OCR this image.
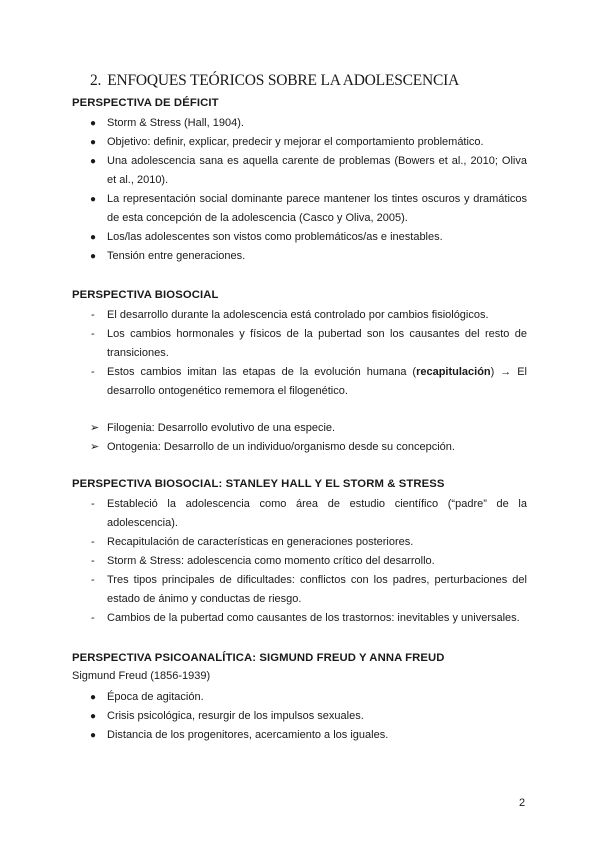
2. ENFOQUES TEÓRICOS SOBRE LA ADOLESCENCIA
PERSPECTIVA DE DÉFICIT
● Storm & Stress (Hall, 1904).
● Objetivo: definir, explicar, predecir y mejorar el comportamiento problemático.
● Una adolescencia sana es aquella carente de problemas (Bowers et al., 2010; Oliva et al., 2010).
● La representación social dominante parece mantener los tintes oscuros y dramáticos de esta concepción de la adolescencia (Casco y Oliva, 2005).
● Los/las adolescentes son vistos como problemáticos/as e inestables.
● Tensión entre generaciones.
PERSPECTIVA BIOSOCIAL
-	El desarrollo durante la adolescencia está controlado por cambios fisiológicos.
-	Los cambios hormonales y físicos de la pubertad son los causantes del resto de transiciones.
-	Estos cambios imitan las etapas de la evolución humana (recapitulación) → El desarrollo ontogenético rememora el filogenético.
➢ Filogenia: Desarrollo evolutivo de una especie.
➢ Ontogenia: Desarrollo de un individuo/organismo desde su concepción.
PERSPECTIVA BIOSOCIAL: STANLEY HALL Y EL STORM & STRESS
-	Estableció la adolescencia como área de estudio científico (“padre” de la adolescencia).
-	Recapitulación de características en generaciones posteriores.
-	Storm & Stress: adolescencia como momento crítico del desarrollo.
-	Tres tipos principales de dificultades: conflictos con los padres, perturbaciones del estado de ánimo y conductas de riesgo.
-	Cambios de la pubertad como causantes de los trastornos: inevitables y universales.
PERSPECTIVA PSICOANALÍTICA: SIGMUND FREUD Y ANNA FREUD
Sigmund Freud (1856-1939)
● Época de agitación.
● Crisis psicológica, resurgir de los impulsos sexuales.
● Distancia de los progenitores, acercamiento a los iguales.
2
